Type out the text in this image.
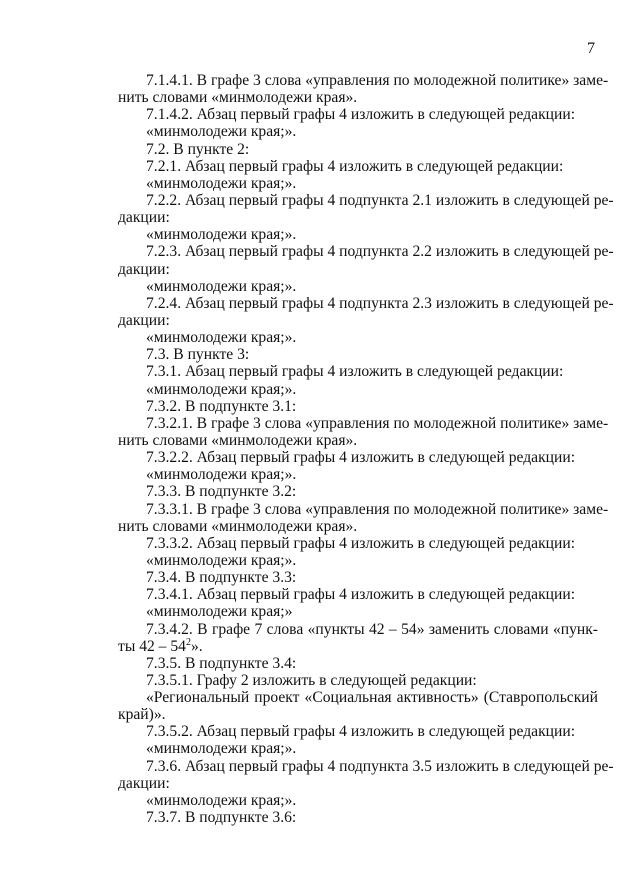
7
7.1.4.1. В графе 3 слова «управления по молодежной политике» заме-
нить словами «минмолодежи края».
7.1.4.2. Абзац первый графы 4 изложить в следующей редакции:
«минмолодежи края;».
7.2. В пункте 2:
7.2.1. Абзац первый графы 4 изложить в следующей редакции:
«минмолодежи края;».
7.2.2. Абзац первый графы 4 подпункта 2.1 изложить в следующей ре-
дакции:
«минмолодежи края;».
7.2.3. Абзац первый графы 4 подпункта 2.2 изложить в следующей ре-
дакции:
«минмолодежи края;».
7.2.4. Абзац первый графы 4 подпункта 2.3 изложить в следующей ре-
дакции:
«минмолодежи края;».
7.3. В пункте 3:
7.3.1. Абзац первый графы 4 изложить в следующей редакции:
«минмолодежи края;».
7.3.2. В подпункте 3.1:
7.3.2.1. В графе 3 слова «управления по молодежной политике» заме-
нить словами «минмолодежи края».
7.3.2.2. Абзац первый графы 4 изложить в следующей редакции:
«минмолодежи края;».
7.3.3. В подпункте 3.2:
7.3.3.1. В графе 3 слова «управления по молодежной политике» заме-
нить словами «минмолодежи края».
7.3.3.2. Абзац первый графы 4 изложить в следующей редакции:
«минмолодежи края;».
7.3.4. В подпункте 3.3:
7.3.4.1. Абзац первый графы 4 изложить в следующей редакции:
«минмолодежи края;»
7.3.4.2. В графе 7 слова «пункты 42 – 54» заменить словами «пунк-
ты $42 - 54^2$».
7.3.5. В подпункте 3.4:
7.3.5.1. Графу 2 изложить в следующей редакции:
«Региональный проект «Социальная активность» (Ставропольский
край)».
7.3.5.2. Абзац первый графы 4 изложить в следующей редакции:
«минмолодежи края;».
7.3.6. Абзац первый графы 4 подпункта 3.5 изложить в следующей ре-
дакции:
«минмолодежи края;».
7.3.7. В подпункте 3.6:
